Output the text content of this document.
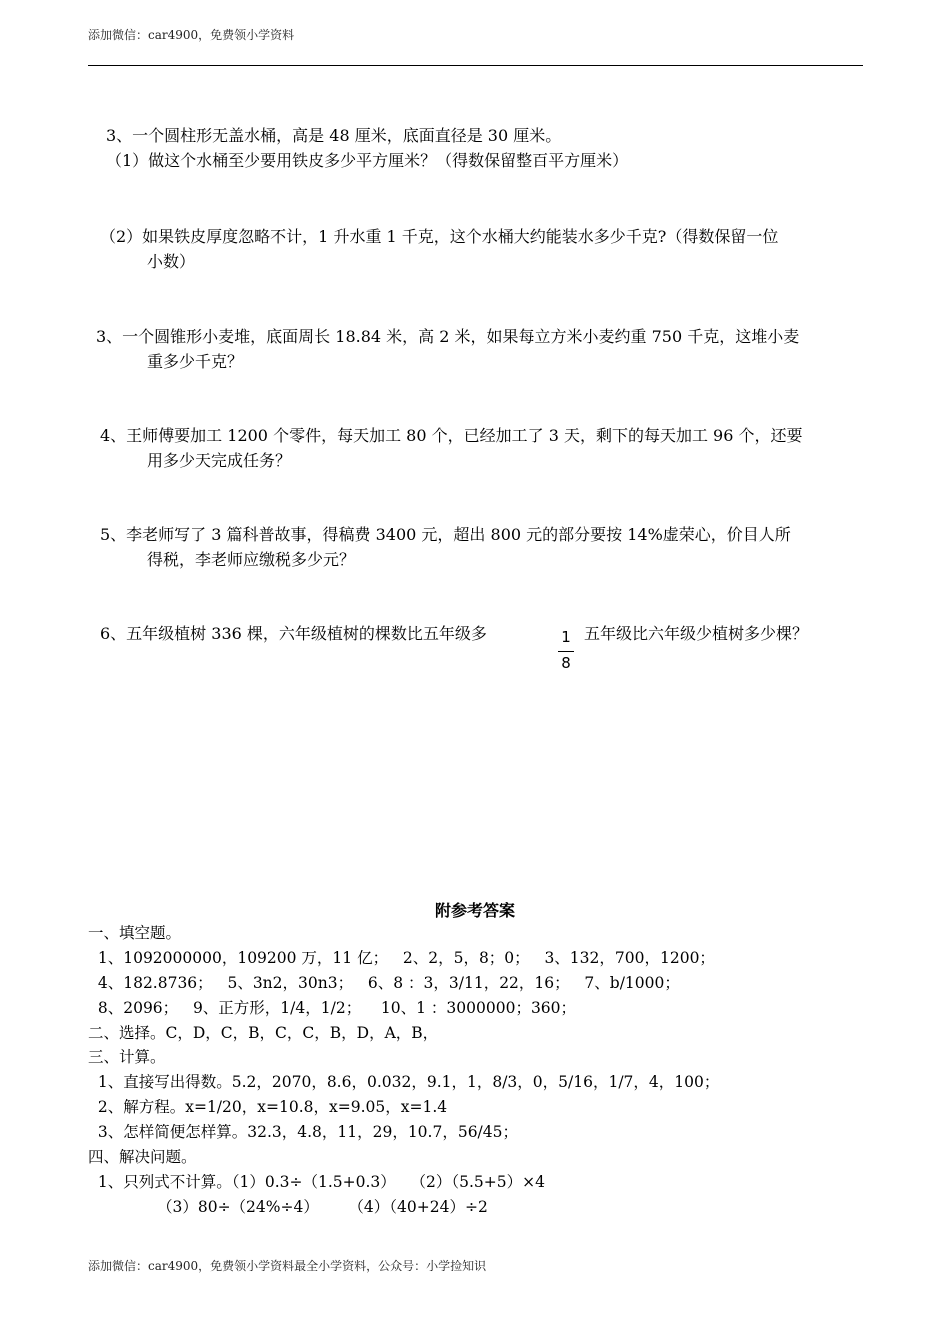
添加微信：car4900，免费领小学资料
3、一个圆柱形无盖水桶，高是 48 厘米，底面直径是 30 厘米。
（1）做这个水桶至少要用铁皮多少平方厘米？（得数保留整百平方厘米）
（2）如果铁皮厚度忽略不计，1 升水重 1 千克，这个水桶大约能装水多少千克?（得数保留一位
小数）
3、一个圆锥形小麦堆，底面周长 18.84 米，高 2 米，如果每立方米小麦约重 750 千克，这堆小麦
重多少千克？
4、王师傅要加工 1200 个零件，每天加工 80 个，已经加工了 3 天，剩下的每天加工 96 个，还要
用多少天完成任务？
5、李老师写了 3 篇科普故事，得稿费 3400 元，超出 800 元的部分要按 14%虚荣心，价目人所
得税，李老师应缴税多少元？
6、五年级植树 336 棵，六年级植树的棵数比五年级多	1
8
五年级比六年级少植树多少棵？
附参考答案
一、填空题。
1、1092000000，109200 万，11 亿；   2、2，5，8；0；   3、132，700，1200；
4、182.8736；   5、3n2，30n3；   6、8 ：3，3/11，22，16；   7、b/1000；
8、2096；   9、正方形，1/4，1/2；    10、1 ：3000000；360；
二、选择。C，D，C，B，C，C，B，D，A，B，
三、计算。
1、直接写出得数。5.2，2070，8.6，0.032，9.1，1，8/3，0，5/16，1/7，4，100；
2、解方程。x=1/20，x=10.8，x=9.05，x=1.4
3、怎样简便怎样算。32.3，4.8，11，29，10.7，56/45；
四、解决问题。
1、只列式不计算。（1）0.3÷（1.5+0.3）   （2）（5.5+5）×4
（3）80÷（24%÷4）      （4）（40+24）÷2
添加微信：car4900，免费领小学资料最全小学资料，公众号：小学捡知识
